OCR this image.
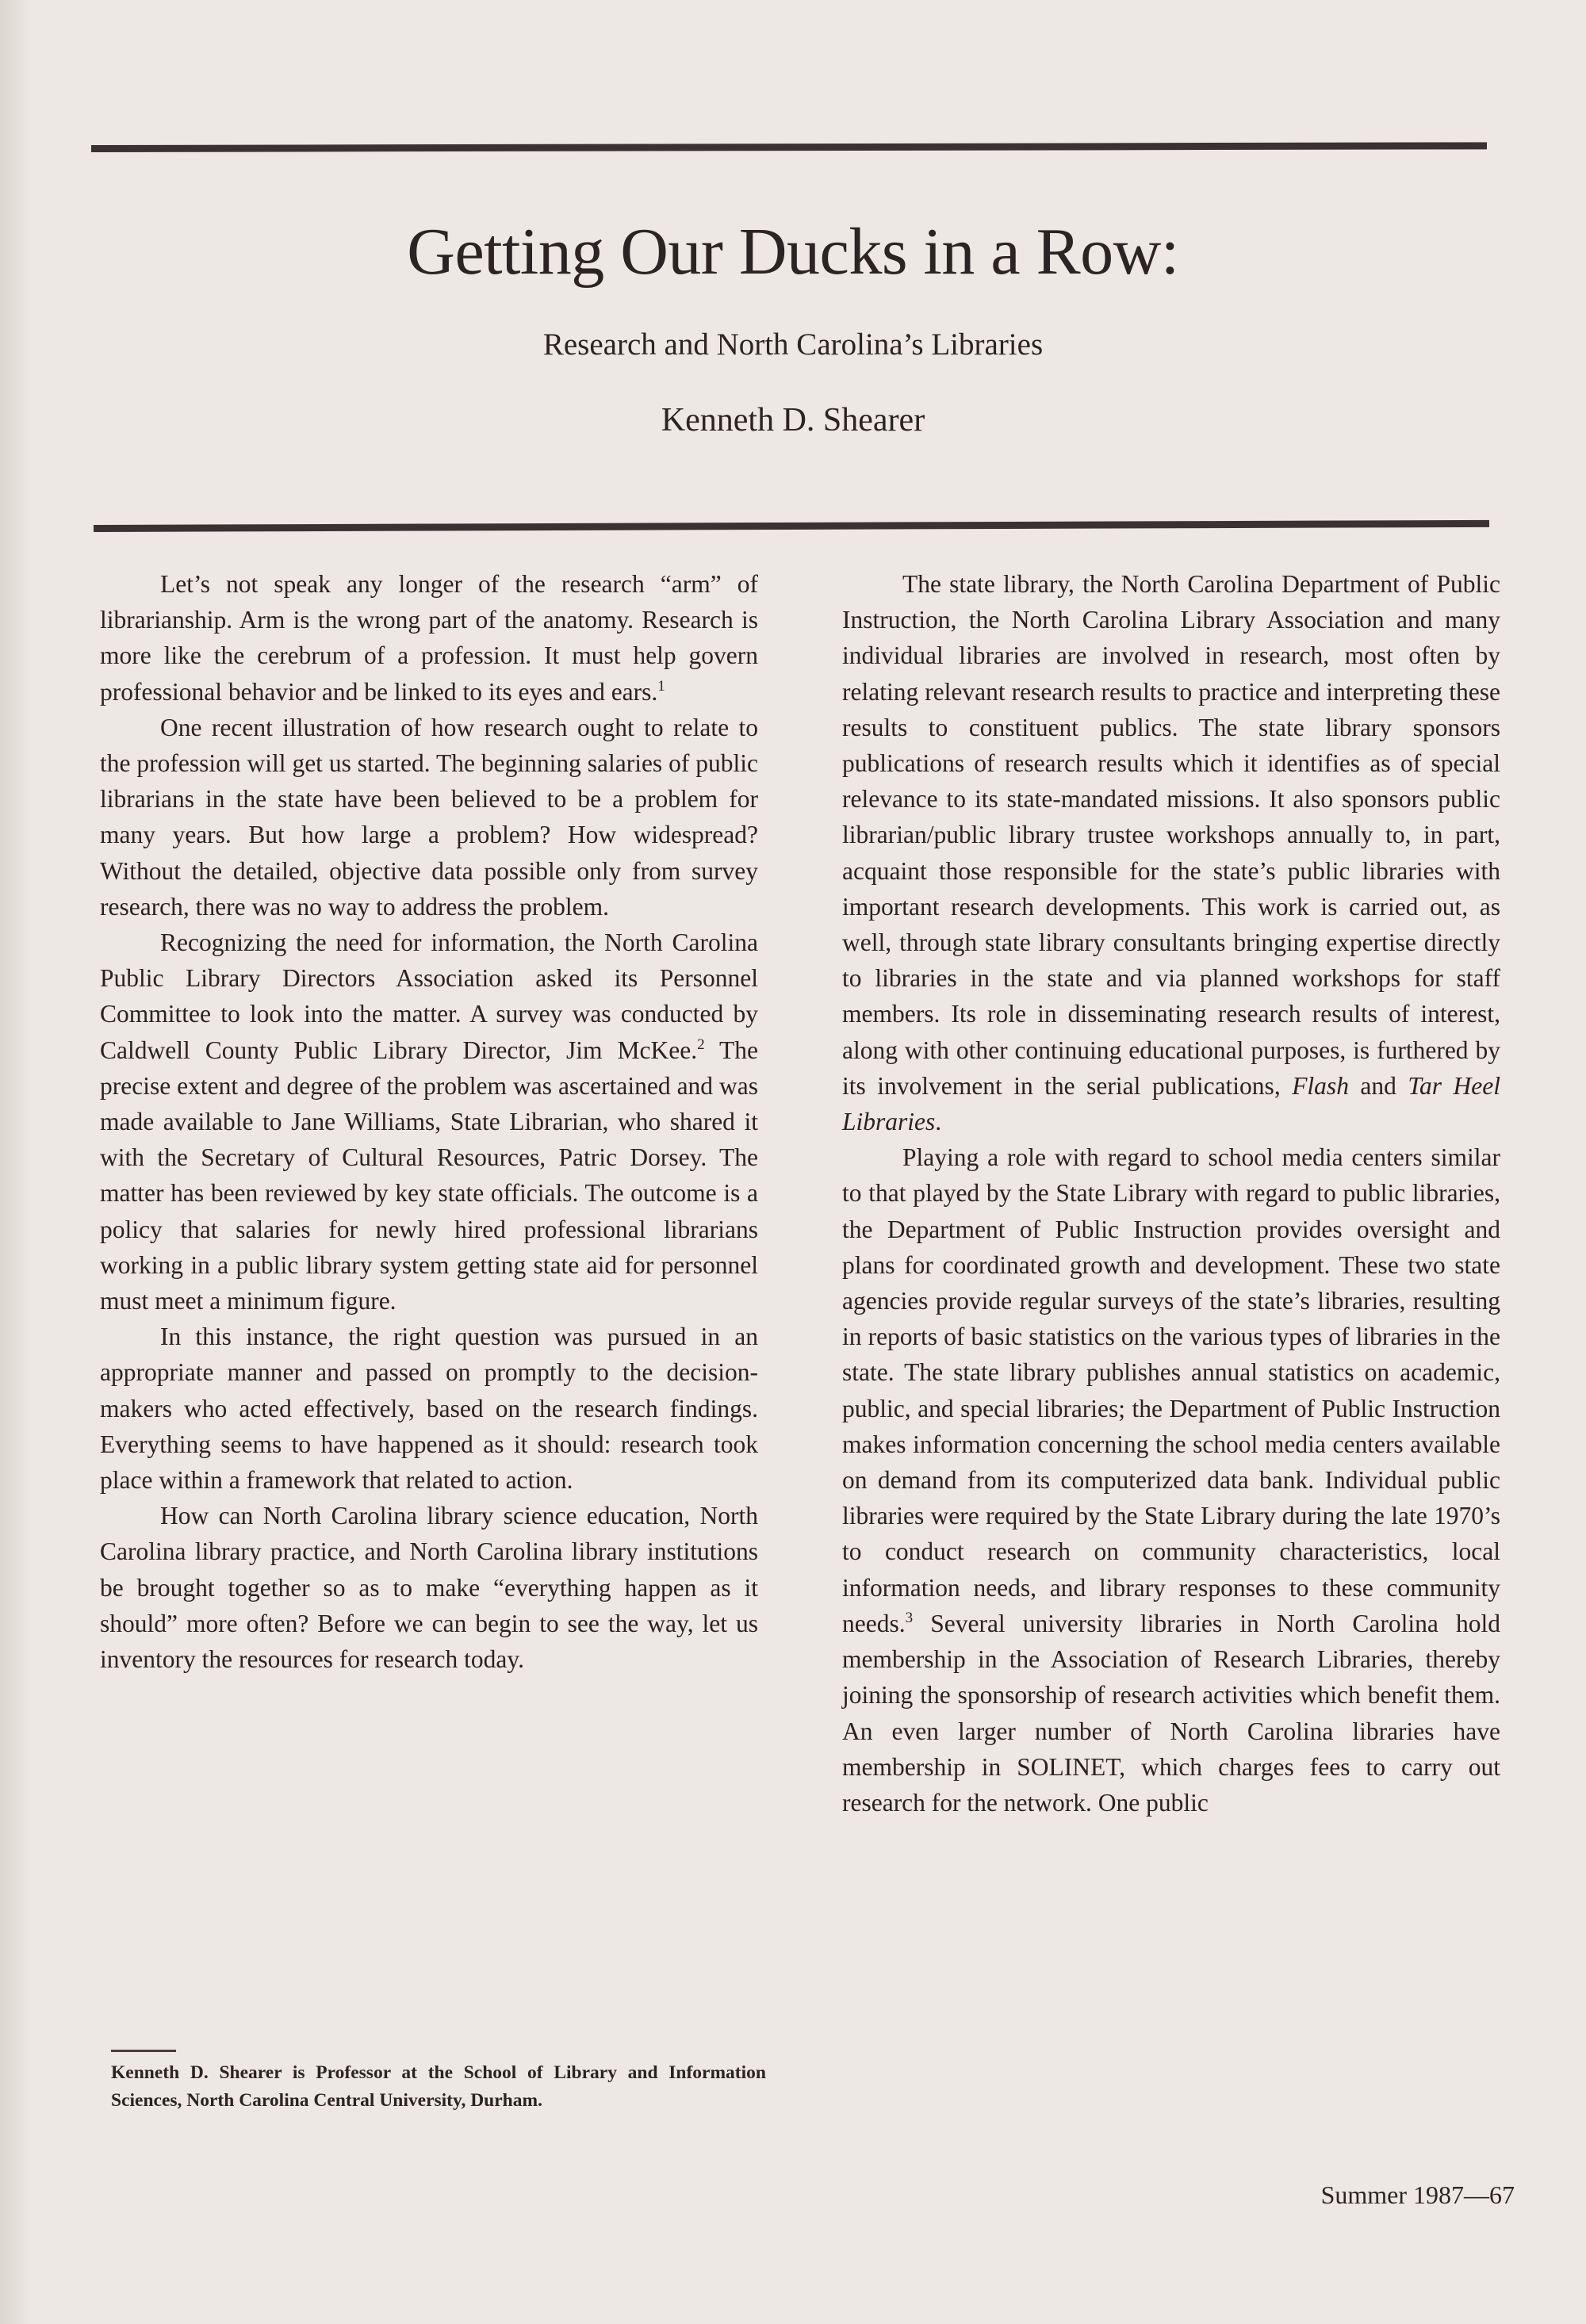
Getting Our Ducks in a Row:
Research and North Carolina’s Libraries
Kenneth D. Shearer

Let’s not speak any longer of the research “arm” of librarianship. Arm is the wrong part of the anatomy. Research is more like the cerebrum of a profession. It must help govern professional behavior and be linked to its eyes and ears.$^1$

One recent illustration of how research ought to relate to the profession will get us started. The beginning salaries of public librarians in the state have been believed to be a problem for many years. But how large a problem? How widespread? Without the detailed, objective data possible only from survey research, there was no way to address the problem.

Recognizing the need for information, the North Carolina Public Library Directors Association asked its Personnel Committee to look into the matter. A survey was conducted by Caldwell County Public Library Director, Jim McKee.$^2$ The precise extent and degree of the problem was ascertained and was made available to Jane Williams, State Librarian, who shared it with the Secretary of Cultural Resources, Patric Dorsey. The matter has been reviewed by key state officials. The outcome is a policy that salaries for newly hired professional librarians working in a public library system getting state aid for personnel must meet a minimum figure.

In this instance, the right question was pursued in an appropriate manner and passed on promptly to the decision-makers who acted effectively, based on the research findings. Everything seems to have happened as it should: research took place within a framework that related to action.

How can North Carolina library science education, North Carolina library practice, and North Carolina library institutions be brought together so as to make “everything happen as it should” more often? Before we can begin to see the way, let us inventory the resources for research today.

The state library, the North Carolina Department of Public Instruction, the North Carolina Library Association and many individual libraries are involved in research, most often by relating relevant research results to practice and interpreting these results to constituent publics. The state library sponsors publications of research results which it identifies as of special relevance to its state-mandated missions. It also sponsors public librarian/public library trustee workshops annually to, in part, acquaint those responsible for the state’s public libraries with important research developments. This work is carried out, as well, through state library consultants bringing expertise directly to libraries in the state and via planned workshops for staff members. Its role in disseminating research results of interest, along with other continuing educational purposes, is furthered by its involvement in the serial publications, Flash and Tar Heel Libraries.

Playing a role with regard to school media centers similar to that played by the State Library with regard to public libraries, the Department of Public Instruction provides oversight and plans for coordinated growth and development. These two state agencies provide regular surveys of the state’s libraries, resulting in reports of basic statistics on the various types of libraries in the state. The state library publishes annual statistics on academic, public, and special libraries; the Department of Public Instruction makes information concerning the school media centers available on demand from its computerized data bank. Individual public libraries were required by the State Library during the late 1970’s to conduct research on community characteristics, local information needs, and library responses to these community needs.$^3$ Several university libraries in North Carolina hold membership in the Association of Research Libraries, thereby joining the sponsorship of research activities which benefit them. An even larger number of North Carolina libraries have membership in SOLINET, which charges fees to carry out research for the network. One public

Kenneth D. Shearer is Professor at the School of Library and Information Sciences, North Carolina Central University, Durham.
Summer 1987—67
